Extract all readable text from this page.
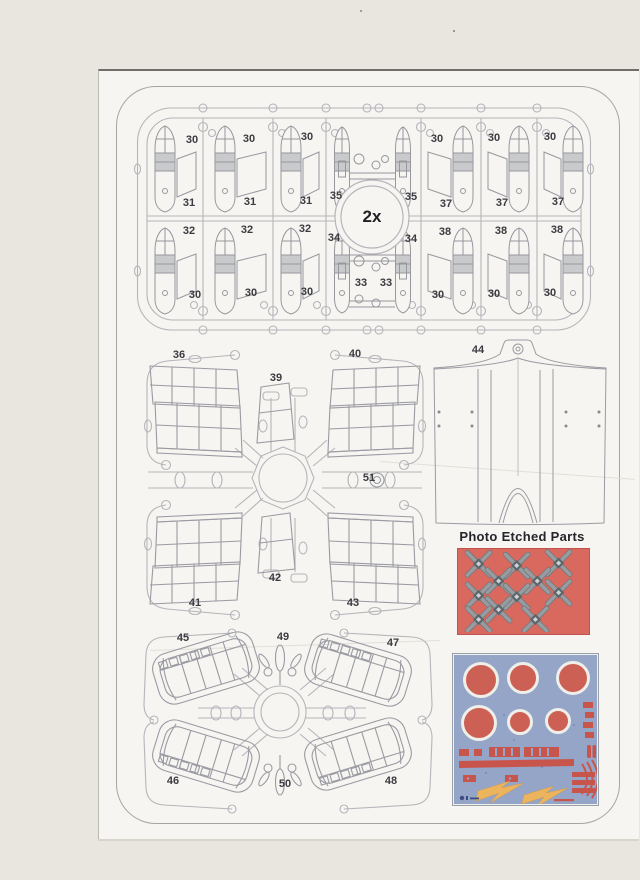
Photo Etched Parts
30	30	30
31	31	31
32	32	32
30	30	30
35	35
34	34
33 33
30	30	30
37	37	37
38	38	38
30	30	30
36
39
40
51
41
42
43
44
45	49	47
46	50	48
2x
